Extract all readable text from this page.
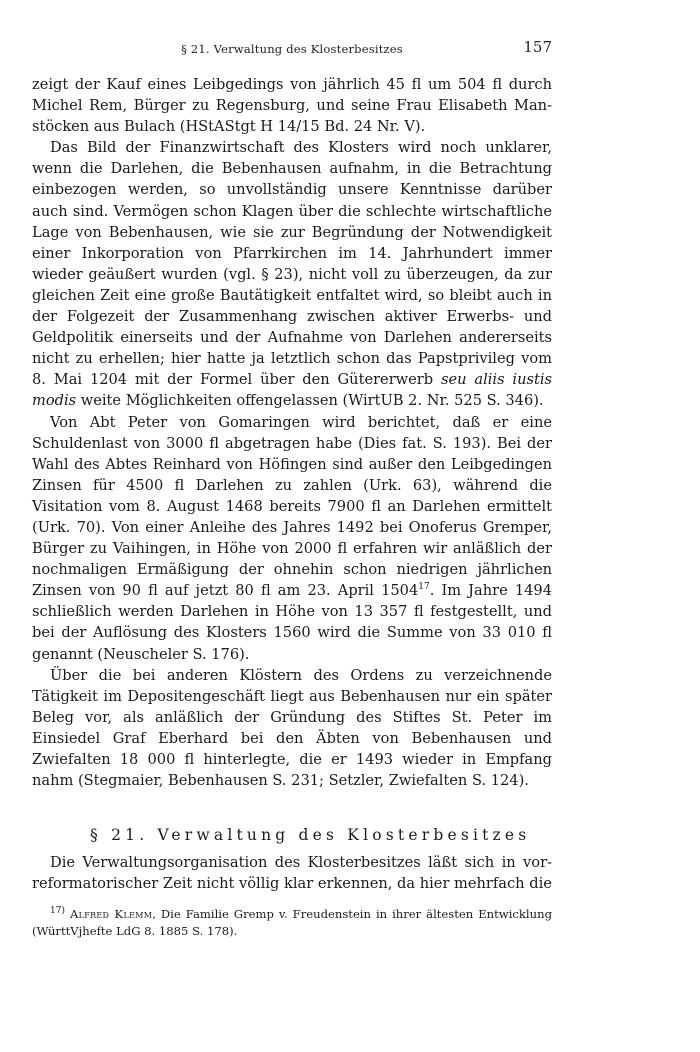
§ 21. Verwaltung des Klosterbesitzes	157

zeigt der Kauf eines Leibgedings von jährlich 45 fl um 504 fl durch Michel Rem, Bürger zu Regensburg, und seine Frau Elisabeth Manstöcken aus Bulach (HStAStgt H 14/15 Bd. 24 Nr. V).

Das Bild der Finanzwirtschaft des Klosters wird noch unklarer, wenn die Darlehen, die Bebenhausen aufnahm, in die Betrachtung einbezogen werden, so unvollständig unsere Kenntnisse darüber auch sind. Vermögen schon Klagen über die schlechte wirtschaftliche Lage von Bebenhausen, wie sie zur Begründung der Notwendigkeit einer Inkorporation von Pfarrkirchen im 14. Jahrhundert immer wieder geäußert wurden (vgl. § 23), nicht voll zu überzeugen, da zur gleichen Zeit eine große Bautätigkeit entfaltet wird, so bleibt auch in der Folgezeit der Zusammenhang zwischen aktiver Erwerbs- und Geldpolitik einerseits und der Aufnahme von Darlehen andererseits nicht zu erhellen; hier hatte ja letztlich schon das Papstprivileg vom 8. Mai 1204 mit der Formel über den Gütererwerb seu aliis iustis modis weite Möglichkeiten offengelassen (WirtUB 2. Nr. 525 S. 346).

Von Abt Peter von Gomaringen wird berichtet, daß er eine Schuldenlast von 3000 fl abgetragen habe (Dies fat. S. 193). Bei der Wahl des Abtes Reinhard von Höfingen sind außer den Leibgedingen Zinsen für 4500 fl Darlehen zu zahlen (Urk. 63), während die Visitation vom 8. August 1468 bereits 7900 fl an Darlehen ermittelt (Urk. 70). Von einer Anleihe des Jahres 1492 bei Onoferus Gremper, Bürger zu Vaihingen, in Höhe von 2000 fl erfahren wir anläßlich der nochmaligen Ermäßigung der ohnehin schon niedrigen jährlichen Zinsen von 90 fl auf jetzt 80 fl am 23. April 1504$^{17}$. Im Jahre 1494 schließlich werden Darlehen in Höhe von 13 357 fl festgestellt, und bei der Auflösung des Klosters 1560 wird die Summe von 33 010 fl genannt (Neuscheler S. 176).

Über die bei anderen Klöstern des Ordens zu verzeichnende Tätigkeit im Depositengeschäft liegt aus Bebenhausen nur ein später Beleg vor, als anläßlich der Gründung des Stiftes St. Peter im Einsiedel Graf Eberhard bei den Äbten von Bebenhausen und Zwiefalten 18 000 fl hinterlegte, die er 1493 wieder in Empfang nahm (Stegmaier, Bebenhausen S. 231; Setzler, Zwiefalten S. 124).

§ 21. Verwaltung des Klosterbesitzes

Die Verwaltungsorganisation des Klosterbesitzes läßt sich in vorreformatorischer Zeit nicht völlig klar erkennen, da hier mehrfach die

$^{17)}$ Alfred Klemm, Die Familie Gremp v. Freudenstein in ihrer ältesten Entwicklung (WürttVjhefte LdG 8. 1885 S. 178).
